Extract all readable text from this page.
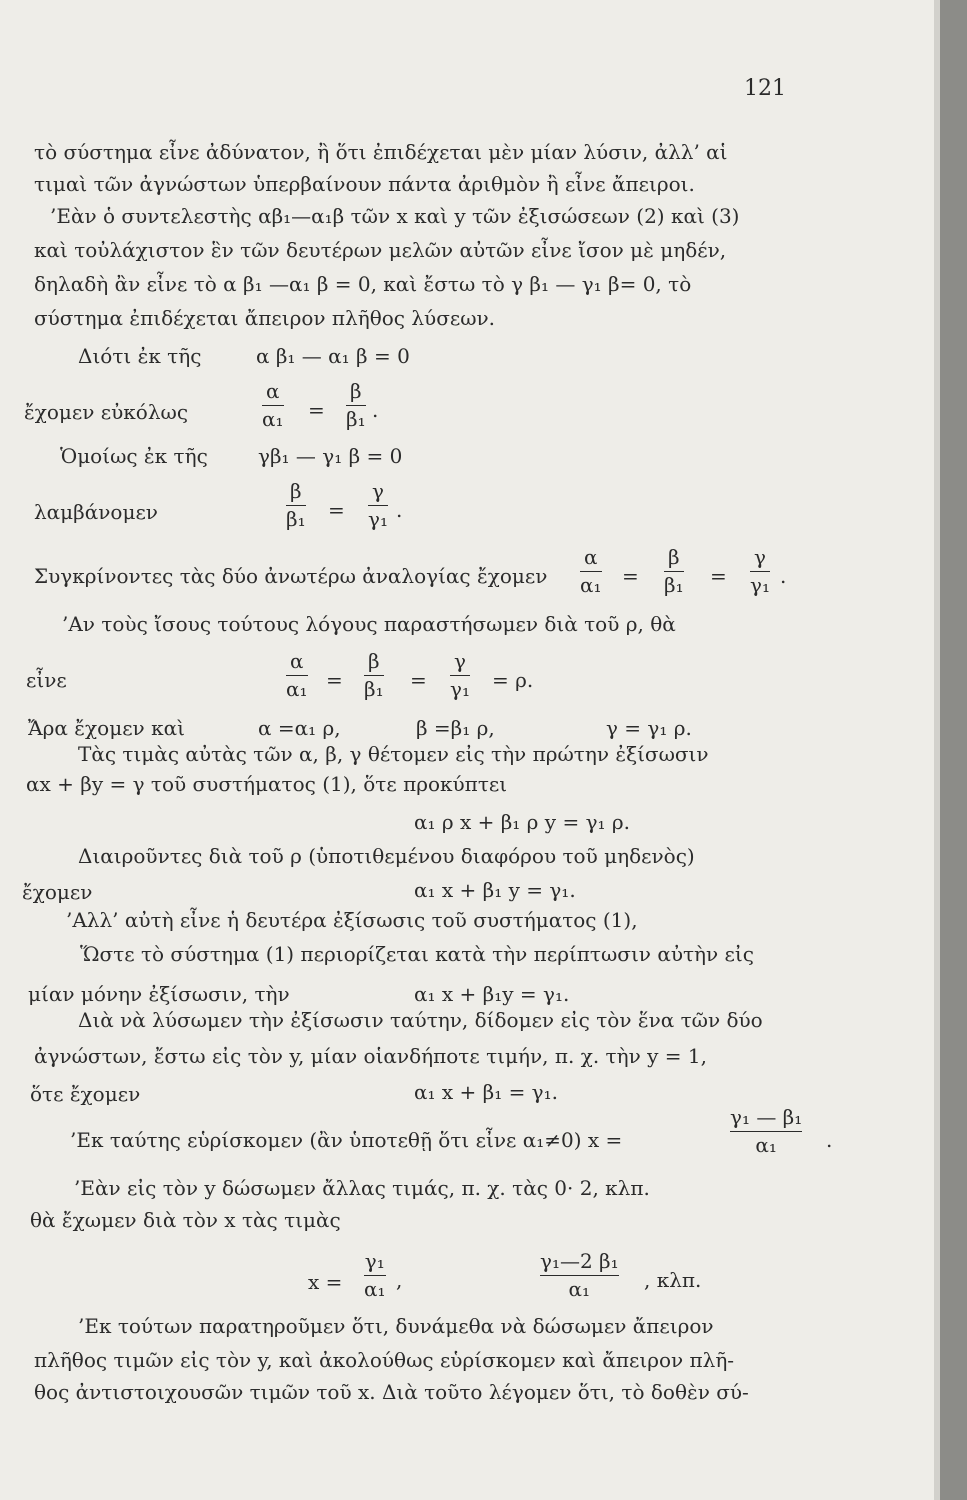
121
τὸ σύστημα εἶνε ἀδύνατον, ἢ ὅτι ἐπιδέχεται μὲν μίαν λύσιν, ἀλλ’ αἱ
τιμαὶ τῶν ἀγνώστων ὑπερβαίνουν πάντα ἀριθμὸν ἢ εἶνε ἄπειροι.
’Εὰν ὁ συντελεστὴς αβ₁—α₁β τῶν x καὶ y τῶν ἐξισώσεων (2) καὶ (3)
καὶ τοὐλάχιστον ἓν τῶν δευτέρων μελῶν αὐτῶν εἶνε ἴσον μὲ μηδέν,
δηλαδὴ ἂν εἶνε τὸ α β₁ —α₁ β = 0, καὶ ἔστω τὸ γ β₁ — γ₁ β= 0, τὸ
σύστημα ἐπιδέχεται ἄπειρον πλῆθος λύσεων.
Διότι ἐκ τῆς	α β₁ — α₁ β = 0
ἔχομεν εὐκόλως
α
α₁ =
β
β₁ .
Ὁμοίως ἐκ τῆς	γβ₁ — γ₁ β = 0
λαμβάνομεν
β
β₁ =
γ
γ₁ .
Συγκρίνοντες τὰς δύο ἀνωτέρω ἀναλογίας ἔχομεν
α
α₁ =
β
β₁ =
γ
γ₁ .
’Αν τοὺς ἴσους τούτους λόγους παραστήσωμεν διὰ τοῦ ρ, θὰ
εἶνε
α
α₁ =
β
β₁ =
γ
γ₁ = ρ.
Ἄρα ἔχομεν καὶ	α =α₁ ρ,	β =β₁ ρ,	γ = γ₁ ρ.
Τὰς τιμὰς αὐτὰς τῶν α, β, γ θέτομεν εἰς τὴν πρώτην ἐξίσωσιν
αx + βy = γ τοῦ συστήματος (1), ὅτε προκύπτει
α₁ ρ x + β₁ ρ y = γ₁ ρ.
Διαιροῦντες διὰ τοῦ ρ (ὑποτιθεμένου διαφόρου τοῦ μηδενὸς)
ἔχομεν	α₁ x + β₁ y = γ₁.
’Αλλ’ αὐτὴ εἶνε ἡ δευτέρα ἐξίσωσις τοῦ συστήματος (1),
Ὥστε τὸ σύστημα (1) περιορίζεται κατὰ τὴν περίπτωσιν αὐτὴν εἰς
μίαν μόνην ἐξίσωσιν, τὴν	α₁ x + β₁y = γ₁.
Διὰ νὰ λύσωμεν τὴν ἐξίσωσιν ταύτην, δίδομεν εἰς τὸν ἕνα τῶν δύο
ἀγνώστων, ἔστω εἰς τὸν y, μίαν οἱανδήποτε τιμήν, π. χ. τὴν y = 1,
ὅτε ἔχομεν	α₁ x + β₁ = γ₁.
’Εκ ταύτης εὑρίσκομεν (ἂν ὑποτεθῇ ὅτι εἶνε α₁≠0) x =
γ₁ — β₁
α₁ .
’Εὰν εἰς τὸν y δώσωμεν ἄλλας τιμάς, π. χ. τὰς 0· 2, κλπ.
θὰ ἔχωμεν διὰ τὸν x τὰς τιμὰς
x =
γ₁
α₁ ,
γ₁—2 β₁
α₁	, κλπ.
’Εκ τούτων παρατηροῦμεν ὅτι, δυνάμεθα νὰ δώσωμεν ἄπειρον
πλῆθος τιμῶν εἰς τὸν y, καὶ ἀκολούθως εὑρίσκομεν καὶ ἄπειρον πλῆ-
θος ἀντιστοιχουσῶν τιμῶν τοῦ x. Διὰ τοῦτο λέγομεν ὅτι, τὸ δοθὲν σύ-
